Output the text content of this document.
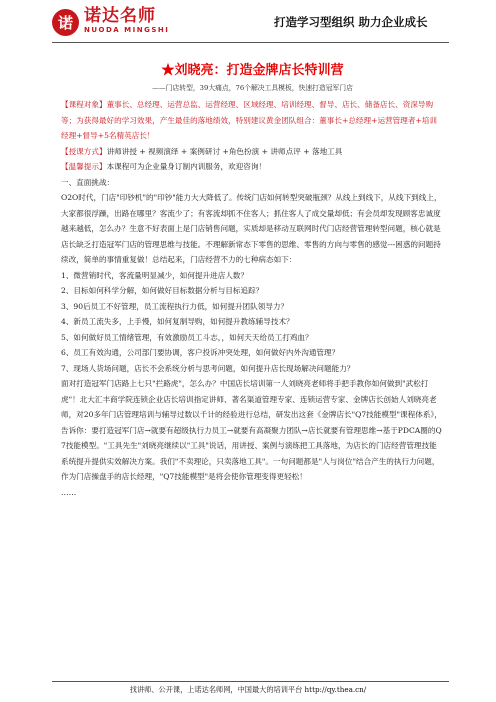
诺 诺达名师
NUODA MINGSHI
打造学习型组织 助力企业成长

★刘晓亮：打造金牌店长特训营

——门店转型，39大痛点，76个解决工具模板，快速打造冠军门店

【课程对象】董事长、总经理、运营总监、运营经理、区域经理、培训经理、督导、店长、储备店长、资深导购等；为获得最好的学习效果，产生最佳的落地绩效，特别建议黄金团队组合：董事长+总经理+运营管理者+培训经理+督导+5名精英店长！

【授课方式】讲师讲授 + 视频演绎 + 案例研讨 +角色扮演 + 讲师点评 + 落地工具

【温馨提示】本课程可为企业量身订制内训服务，欢迎咨询！

一、直面挑战：

O2O时代，门店"印钞机"的"印钞"能力大大降低了。传统门店如何转型突破瓶颈？从线上到线下，从线下到线上，大家都很浮躁，出路在哪里？客流少了；有客流却抓不住客人；抓住客人了成交量却低；有会员却发现顾客忠诚度越来越低，怎么办？生意不好表面上是门店销售问题，实质却是移动互联网时代门店经营管理转型问题，核心就是店长缺乏打造冠军门店的管理思维与技能。不理解新常态下零售的思维、零售的方向与零售的感觉---困惑的问题持续改，简单的事情重复做！总结起来，门店经营不力的七种病态如下：

1、微营销时代，客流量明显减少，如何提升进店人数？

2、目标如何科学分解，如何做好目标数据分析与目标追踪？

3、90后员工不好管理，员工流程执行力低，如何提升团队领导力？

4、新员工流失多，上手慢，如何复制导购，如何提升教练辅导技术？

5、如何做好员工情绪管理，有效激励员工斗志，，如何天天给员工打鸡血？

6、员工有效沟通，公司部门要协调，客户投诉冲突处理，如何做好内外沟通管理？

7、现场人货场问题，店长不会系统分析与思考问题，如何提升店长现场解决问题能力？

面对打造冠军门店路上七只"拦路虎"，怎么办？中国店长培训第一人刘晓亮老师将手把手教你如何做到"武松打虎"！北大汇丰商学院连锁企业店长培训指定讲师、著名渠道管理专家、连锁运营专家、金牌店长创始人刘晓亮老师，对20多年门店管理培训与辅导过数以千计的经验进行总结，研发出这套《金牌店长"Q7技能模型"课程体系》，告诉你：要打造冠军门店→就要有超级执行力员工→就要有高凝聚力团队→店长就要有管理思维→基于PDCA圈的Q7技能模型。"工具先生"刘晓亮继续以"工具"说话，用讲授、案例与演练把工具落地，为店长的门店经营管理技能系统提升提供实效解决方案。我们"不卖理论，只卖落地工具"。一句问题都是"人与岗位"结合产生的执行力问题，作为门店操盘手的店长经理，"Q7技能模型"是将会使你管理变得更轻松！

……

找讲师、公开课，上诺达名师网，中国最大的培训平台 http://qy.thea.cn/
